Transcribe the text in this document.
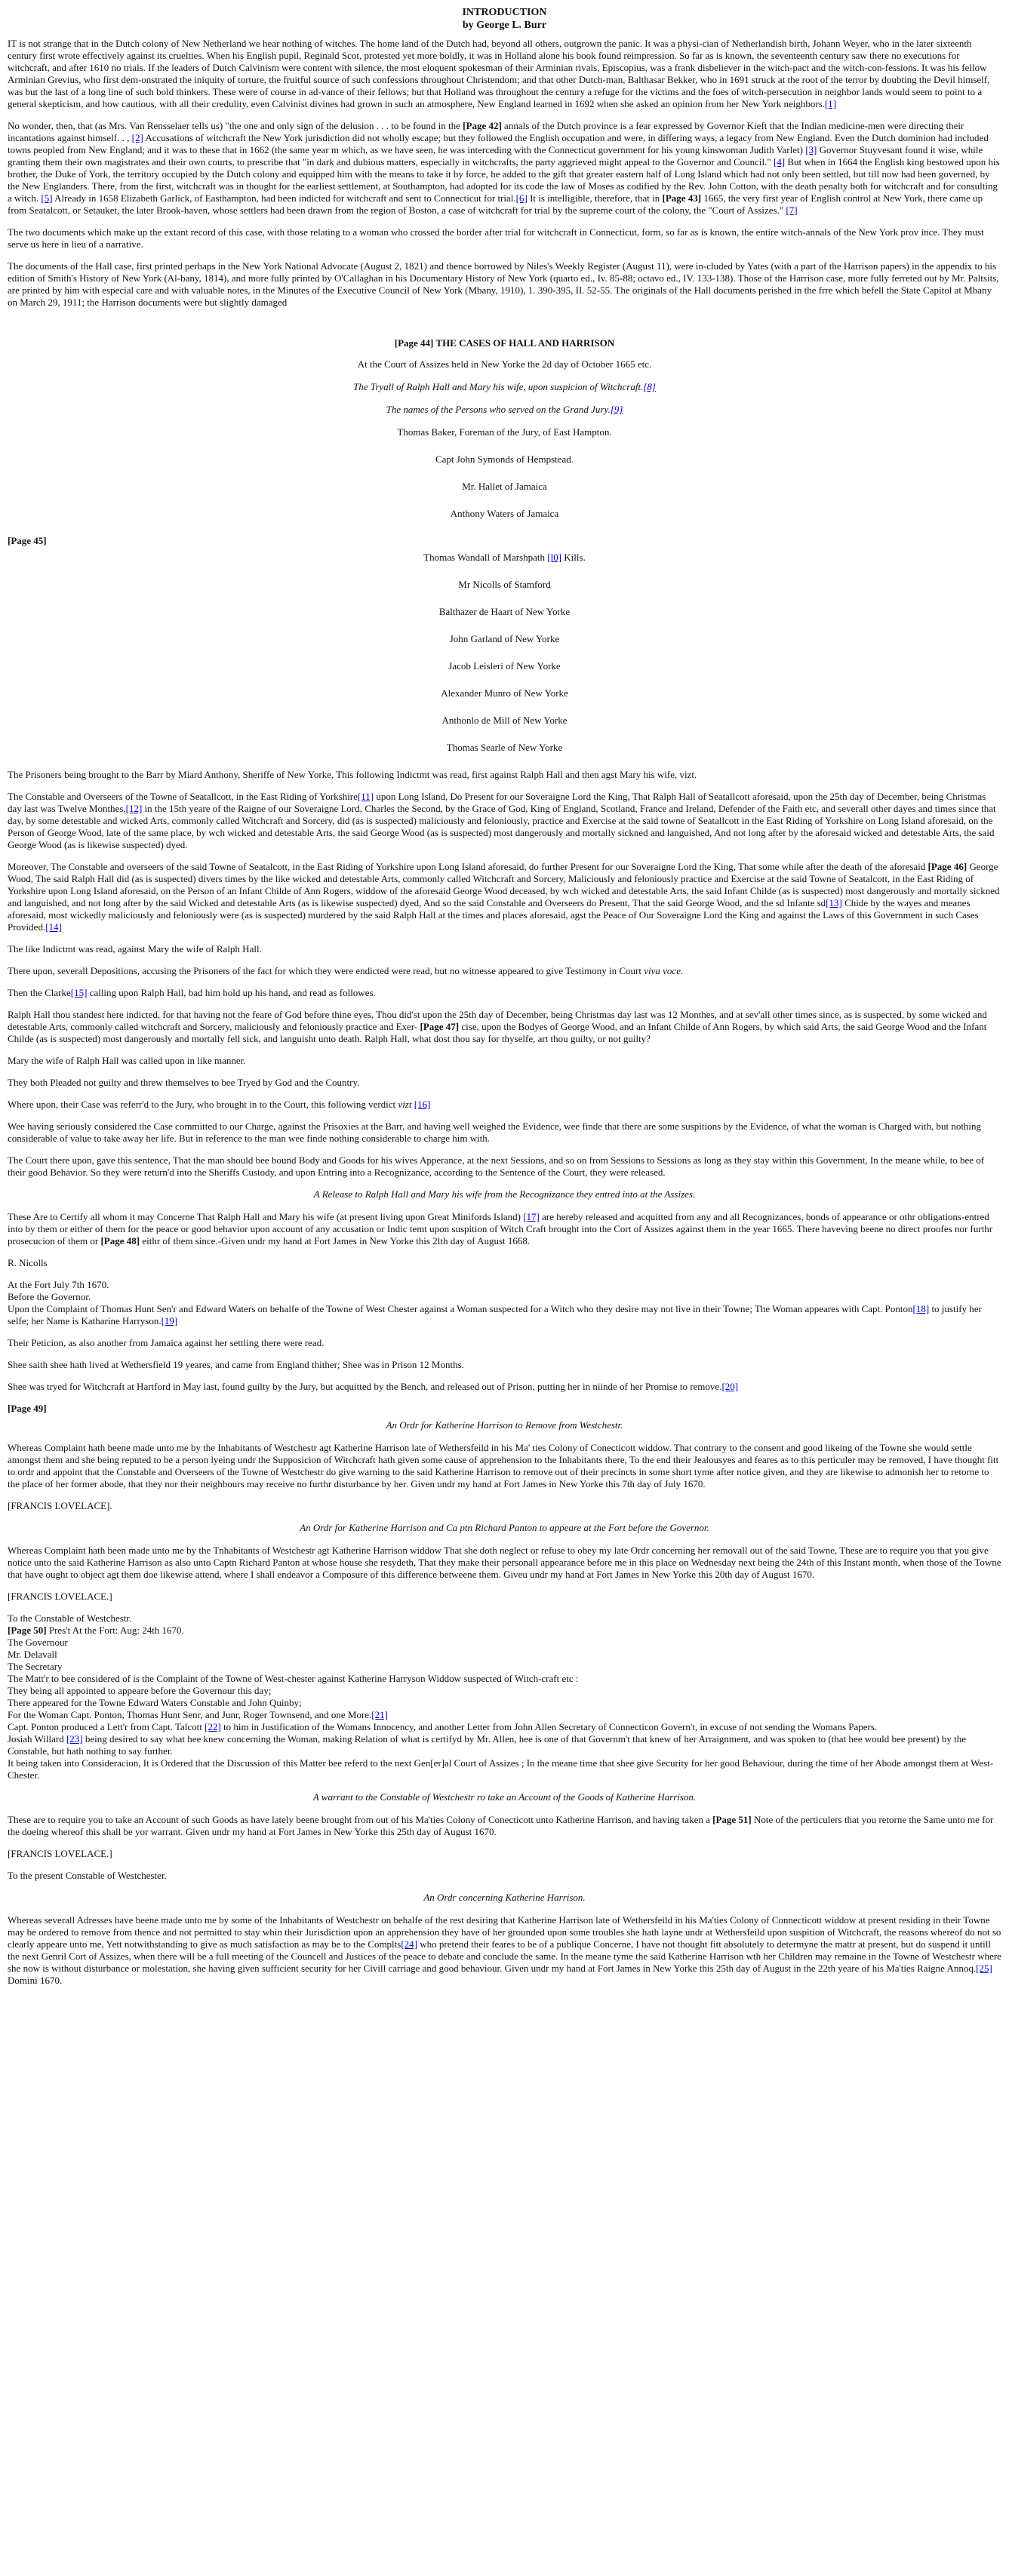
INTRODUCTION
by George L. Burr

IT is not strange that in the Dutch colony of New Netherland we hear nothing of witches. The home land of the Dutch had, beyond all others, outgrown the panic. It was a physi-cian of Netherlandish birth, Johann Weyer, who in the later sixteenth century first wrote effectively against its cruelties. When his English pupil, Reginald Scot, protested yet more boldly, it was in Holland alone his book found reimpression. So far as is known, the seventeenth century saw there no executions for witchcraft, and after 1610 no trials. If the leaders of Dutch Calvinism were content with silence, the most eloquent spokesman of their Arminian rivals, Episcopius, was a frank disbeliever in the witch-pact and the witch-con-fessions. It was his fellow Arminian Grevius, who first dem-onstrated the iniquity of torture, the fruitful source of such confessions throughout Christendom; and that other Dutch-man, Balthasar Bekker, who in 1691 struck at the root of the terror by doubting the Devil himself, was but the last of a long line of such bold thinkers. These were of course in ad-vance of their fellows; but that Holland was throughout the century a refuge for the victims and the foes of witch-persecution in neighbor lands would seem to point to a general skepticism, and how cautious, with all their credulity, even Calvinist divines had grown in such an atmosphere, New England learned in 1692 when she asked an opinion from her New York neighbors.[1]

No wonder, then, that (as Mrs. Van Rensselaer tells us) "the one and only sign of the delusion . . . to be found in the [Page 42] annals of the Dutch province is a fear expressed by Governor Kieft that the Indian medicine-men were directing their incantations against himself. . , [2] Accusations of witchcraft the New York jurisdiction did not wholly escape; but they followed the English occupation and were, in differing ways, a legacy from New England. Even the Dutch dominion had included towns peopled from New England; and it was to these that in 1662 (the same year m which, as we have seen, he was interceding with the Connecticut government for his young kinswoman Judith Varlet) [3] Governor Stuyvesant found it wise, while granting them their own magistrates and their own courts, to prescribe that "in dark and dubious matters, especially in witchcrafts, the party aggrieved might appeal to the Governor and Council." [4] But when in 1664 the English king bestowed upon his brother, the Duke of York, the territory occupied by the Dutch colony and equipped him with the means to take it by force, he added to the gift that greater eastern half of Long Island which had not only been settled, but till now had been governed, by the New Englanders. There, from the first, witchcraft was in thought for the earliest settlement, at Southampton, had adopted for its code the law of Moses as codified by the Rev. John Cotton, with the death penalty both for witchcraft and for consulting a witch. [5] Already in 1658 Elizabeth Garlick, of Easthampton, had been indicted for witchcraft and sent to Connecticut for trial.[6] It is intelligible, therefore, that in [Page 43] 1665, the very first year of English control at New York, there came up from Seatalcott, or Setauket, the later Brook-haven, whose settlers had been drawn from the region of Boston, a case of witchcraft for trial by the supreme court of the colony, the "Court of Assizes." [7]

The two documents which make up the extant record of this case, with those relating to a woman who crossed the border after trial for witchcraft in Connecticut, form, so far as is known, the entire witch-annals of the New York prov ince. They must serve us here in lieu of a narrative.

The documents of the Hall case, first printed perhaps in the New York National Advocate (August 2, 1821) and thence borrowed by Niles's Weekly Register (August 11), were in-cluded by Yates (with a part of the Harrison papers) in the appendix to his edition of Smith's History of New York (Al-bany, 1814), and more fully printed by O'Callaghan in his Documentary History of New York (quarto ed., Iv. 85-88; octavo ed., IV. 133-138). Those of the Harrison case, more fully ferreted out by Mr. Paltsits, are printed by him with especial care and with valuable notes, in the Minutes of the Executive Council of New York (Mbany, 1910), 1. 390-395, II. 52-55. The originals of the Hall documents perished in the frre which befell the State Capitol at Mbany on March 29, 1911; the Harrison documents were but slightly damaged

[Page 44] THE CASES OF HALL AND HARRISON
At the Court of Assizes held in New Yorke the 2d day of October 1665 etc.
The Tryall of Ralph Hall and Mary his wife, upon suspicion of Witchcraft.[8]
The names of the Persons who served on the Grand Jury.[9]
Thomas Baker, Foreman of the Jury, of East Hampton.
Capt John Symonds of Hempstead.
Mr. Hallet of Jamaica
Anthony Waters of Jamaica
[Page 45]
Thomas Wandall of Marshpath [l0] Kills.
Mr Nicolls of Stamford
Balthazer de Haart of New Yorke
John Garland of New Yorke
Jacob Leisleri of New Yorke
Alexander Munro of New Yorke
Anthonlo de Mill of New Yorke
Thomas Searle of New Yorke

The Prisoners being brought to the Barr by Miard Anthony, Sheriffe of New Yorke, This following Indictmt was read, first against Ralph Hall and then agst Mary his wife, vizt.

The Constable and Overseers of the Towne of Seatallcott, in the East Riding of Yorkshire[11] upon Long Island, Do Present for our Soveraigne Lord the King, That Ralph Hall of Seatallcott aforesaid, upon the 25th day of December, being Christmas day last was Twelve Monthes,[12] in the 15th yeare of the Raigne of our Soveraigne Lord, Charles the Second, by the Grace of God, King of England, Scotland, France and Ireland, Defender of the Faith etc, and severall other dayes and times since that day, by some detestable and wicked Arts, commonly called Witchcraft and Sorcery, did (as is suspected) maliciously and feloniously, practice and Exercise at the said towne of Seatallcott in the East Riding of Yorkshire on Long Island aforesaid, on the Person of George Wood, late of the same place, by wch wicked and detestable Arts, the said George Wood (as is suspected) most dangerously and mortally sickned and languished, And not long after by the aforesaid wicked and detestable Arts, the said George Wood (as is likewise suspected) dyed.

Moreover, The Constable and overseers of the said Towne of Seatalcott, in the East Riding of Yorkshire upon Long Island aforesaid, do further Present for our Soveraigne Lord the King, That some while after the death of the aforesaid [Page 46] George Wood, The said Ralph Hall did (as is suspected) divers times by the like wicked and detestable Arts, commonly called Witchcraft and Sorcery, Maliciously and feloniously practice and Exercise at the said Towne of Seatalcott, in the East Riding of Yorkshire upon Long Island aforesaid, on the Person of an Infant Childe of Ann Rogers, widdow of the aforesaid George Wood deceased, by wch wicked and detestable Arts, the said Infant Childe (as is suspected) most dangerously and mortally sickned and languished, and not long after by the said Wicked and detestable Arts (as is likewise suspected) dyed, And so the said Constable and Overseers do Present, That the said George Wood, and the sd Infante sd[13] Chide by the wayes and meanes aforesaid, most wickedly maliciously and feloniously were (as is suspected) murdered by the said Ralph Hall at the times and places aforesaid, agst the Peace of Our Soveraigne Lord the King and against the Laws of this Government in such Cases Provided.[14]

The like Indictmt was read, against Mary the wife of Ralph Hall.

There upon, severall Depositions, accusing the Prisoners of the fact for which they were endicted were read, but no witnesse appeared to give Testimony in Court viva voce.

Then the Clarke[15] calling upon Ralph Hall, bad him hold up his hand, and read as followes.

Ralph Hall thou standest here indicted, for that having not the feare of God before thine eyes, Thou did'st upon the 25th day of December, being Christmas day last was 12 Monthes, and at sev'all other times since, as is suspected, by some wicked and detestable Arts, commonly called witchcraft and Sorcery, maliciously and feloniously practice and Exer- [Page 47] cise, upon the Bodyes of George Wood, and an Infant Childe of Ann Rogers, by which said Arts, the said George Wood and the Infant Childe (as is suspected) most dangerously and mortally fell sick, and languisht unto death. Ralph Hall, what dost thou say for thyselfe, art thou guilty, or not guilty?

Mary the wife of Ralph Hall was called upon in like manner.

They both Pleaded not guilty and threw themselves to bee Tryed by God and the Country.

Where upon, their Case was referr'd to the Jury, who brought in to the Court, this following verdict vizt [16]

Wee having seriously considered the Case committed to our Charge, against the Prisoxies at the Barr, and having well weighed the Evidence, wee finde that there are some suspitions by the Evidence, of what the woman is Charged with, but nothing considerable of value to take away her life. But in reference to the man wee finde nothing considerable to charge him with.

The Court there upon, gave this sentence, That the man should bee bound Body and Goods for his wives Apperance, at the next Sessions, and so on from Sessions to Sessions as long as they stay within this Government, In the meane while, to bee of their good Behavior. So they were return'd into the Sheriffs Custody, and upon Entring into a Recognizance, according to the Sentence of the Court, they were released.

A Release to Ralph Hall and Mary his wife from the Recognizance they entred into at the Assizes.

These Are to Certify all whom it may Concerne That Ralph Hall and Mary his wife (at present living upon Great Minifords Island) [17] are hereby released and acquitted from any and all Recognizances, bonds of appearance or othr obligations-entred into by them or either of them for the peace or good behavior upon account of any accusation or Indic temt upon suspition of Witch Craft brought into the Cort of Assizes against them in the year 1665. There haveving beene no direct proofes nor furthr prosecucion of them or [Page 48] eithr of them since.-Given undr my hand at Fort James in New Yorke this 2lth day of August 1668.

R. Nicolls
At the Fort July 7th 1670.
Before the Governor.
Upon the Complaint of Thomas Hunt Sen'r and Edward Waters on behalfe of the Towne of West Chester against a Woman suspected for a Witch who they desire may not live in their Towne; The Woman appeares with Capt. Ponton[18] to justify her selfe; her Name is Katharine Harryson.[19]

Their Peticion, as also another from Jamaica against her settling there were read.

Shee saith shee hath lived at Wethersfield 19 yeares, and came from England thither; Shee was in Prison 12 Months.

Shee was tryed for Witchcraft at Hartford in May last, found guilty by the Jury, but acquitted by the Bench, and released out of Prison, putting her in niinde of her Promise to remove.[20]

[Page 49]
An Ordr for Katherine Harrison to Remove from Westchestr.

Whereas Complaint hath beene made unto me by the Inhabitants of Westchestr agt Katherine Harrison late of Wethersfeild in his Ma' ties Colony of Conecticott widdow. That contrary to the consent and good likeing of the Towne she would settle amongst them and she being reputed to be a person lyeing undr the Supposicion of Witchcraft hath given some cause of apprehension to the Inhabitants there, To the end their Jealousyes and feares as to this perticuler may be removed, I have thought fitt to ordr and appoint that the Constable and Overseers of the Towne of Westchestr do give warning to the said Katherine Harrison to remove out of their precincts in some short tyme after notice given, and they are likewise to admonish her to retorne to the place of her former abode, that they nor their neighbours may receive no furthr disturbance by her. Given undr my hand at Fort James in New Yorke this 7th day of July 1670.

[FRANCIS LOVELACE].
An Ordr for Katherine Harrison and Ca ptn Richard Panton to appeare at the Fort before the Governor.

Whereas Complaint hath been made unto me by the Tnhabitants of Westchestr agt Katherine Harrison widdow That she doth neglect or refuse to obey my late Ordr concerning her removall out of the said Towne, These are to require you that you give notice unto the said Katherine Harrison as also unto Captn Richard Panton at whose house she resydeth, That they make their personall appearance before me in this place on Wednesday next being the 24th of this Instant month, when those of the Towne that have ought to object agt them doe likewise attend, where I shall endeavor a Composure of this difference betweene them. Giveu undr my hand at Fort James in New Yorke this 20th day of August 1670.

[FRANCIS LOVELACE.]
To the Constable of Westchestr.
[Page 50] Pres't At the Fort: Aug: 24th 1670.
The Governour
Mr. Delavall
The Secretary
The Matt'r to bee considered of is the Complaint of the Towne of West-chester against Katherine Harryson Widdow suspected of Witch-craft etc :
They being all appointed to appeare before the Governour this day;
There appeared for the Towne Edward Waters Constable and John Quinby;
For the Woman Capt. Ponton, Thomas Hunt Senr, and Junr, Roger Townsend, and one More.[21]
Capt. Ponton produced a Lett'r from Capt. Talcott [22] to him in Justification of the Womans Innocency, and another Letter from John Allen Secretary of Connecticon Govern't, in excuse of not sending the Womans Papers.
Josiah Willard [23] being desired to say what hee knew concerning the Woman, making Relation of what is certifyd by Mr. Allen, hee is one of that Governm't that knew of her Arraignment, and was spoken to (that hee would bee present) by the Constable, but hath nothing to say further.
It being taken into Consideracion, It is Ordered that the Discussion of this Matter bee referd to the next Gen[er]al Court of Assizes ; In the meane time that shee give Security for her good Behaviour, during the time of her Abode amongst them at West-Chester.
A warrant to the Constable of Westchestr ro take an Account of the Goods of Katherine Harrison.

These are to require you to take an Account of such Goods as have lately beene brought from out of his Ma'ties Colony of Conecticott unto Katherine Harrison, and having taken a [Page 51] Note of the perticulers that you retorne the Same unto me for the doeing whereof this shall be yor warrant. Given undr my hand at Fort James in New Yorke this 25th day of August 1670.

[FRANCIS LOVELACE.]
To the present Constable of Westchester.
An Ordr concerning Katherine Harrison.

Whereas severall Adresses have beene made unto me by some of the Inhabitants of Westchestr on behalfe of the rest desiring that Katherine Harrison late of Wethersfeild in his Ma'ties Colony of Connecticott widdow at present residing in their Towne may be ordered to remove from thence and not permitted to stay whin their Jurisdiction upon an apprehension they have of her grounded upon some troubles she hath layne undr at Wethersfeild upon suspition of Witchcraft, the reasons whereof do not so clearly appeare unto me, Yett notwithstanding to give as much satisfaction as may be to the Complts[24] who pretend their feares to be of a publique Concerne, I have not thought fitt absolutely to determyne the mattr at present, but do suspend it untill the next Genril Cort of Assizes, when there will be a full meeting of the Councell and Justices of the peace to debate and conclude the same. In the meane tyme the said Katherine Harrison wth her Children may remaine in the Towne of Westchestr where she now is without disturbance or molestation, she having given sufficient security for her Civill carriage and good behaviour. Given undr my hand at Fort James in New Yorke this 25th day of August in the 22th yeare of his Ma'ties Raigne Annoq.[25] Domini 1670.
